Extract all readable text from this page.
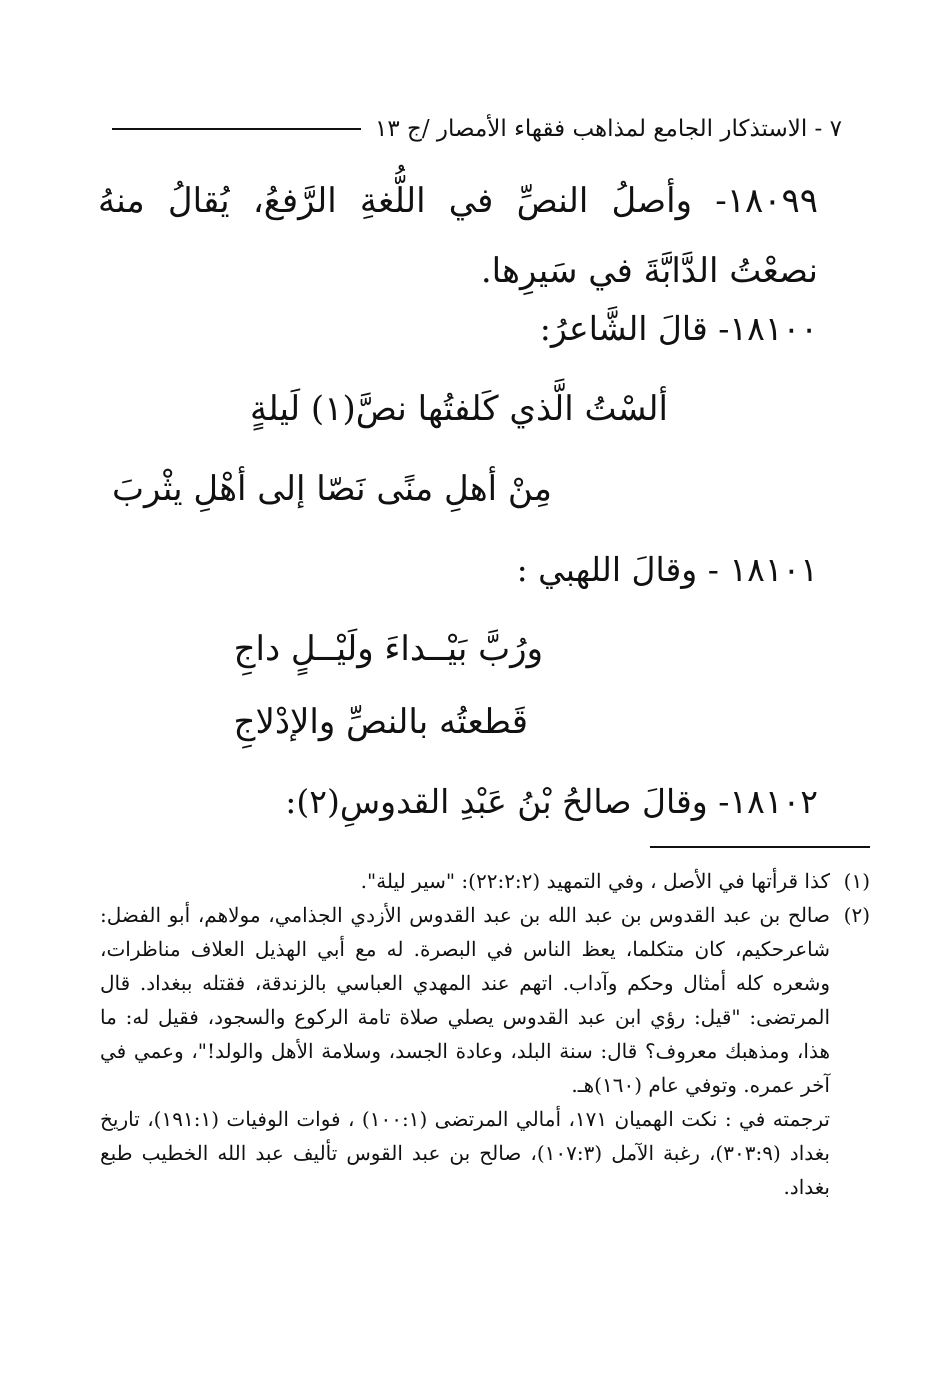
٧ - الاستذكار الجامع لمذاهب فقهاء الأمصار /ج ١٣
١٨٠٩٩- وأصلُ النصِّ في اللُّغةِ الرَّفعُ، يُقالُ منهُ نصعْتُ الدَّابَّةَ في سَيرِها.
١٨١٠٠- قالَ الشَّاعرُ:
ألسْتُ الَّذي كَلفتُها نصَّ(١) لَيلةٍ
مِنْ أهلِ منًى نَصّا إلى أهْلِ يثْربَ
١٨١٠١ - وقالَ اللهبي :
ورُبَّ بَيْــداءَ ولَيْــلٍ داجِ
قَطعتُه بالنصِّ والإدْلاجِ
١٨١٠٢- وقالَ صالحُ بْنُ عَبْدِ القدوسِ(٢):
(١)
كذا قرأتها في الأصل ، وفي التمهيد (٢٢:٢:٢): "سير ليلة".
(٢)
صالح بن عبد القدوس بن عبد الله بن عبد القدوس الأزدي الجذامي، مولاهم، أبو الفضل: شاعرحكيم، كان متكلما، يعظ الناس في البصرة. له مع أبي الهذيل العلاف مناظرات، وشعره كله أمثال وحكم وآداب. اتهم عند المهدي العباسي بالزندقة، فقتله ببغداد. قال المرتضى: "قيل: رؤي ابن عبد القدوس يصلي صلاة تامة الركوع والسجود، فقيل له: ما هذا، ومذهبك معروف؟ قال: سنة البلد، وعادة الجسد، وسلامة الأهل والولد!"، وعمي في آخر عمره. وتوفي عام (١٦٠)هـ.
ترجمته في : نكت الهميان ١٧١، أمالي المرتضى (١٠٠:١) ، فوات الوفيات (١٩١:١)، تاريخ بغداد (٣٠٣:٩)، رغبة الآمل (١٠٧:٣)، صالح بن عبد القوس تأليف عبد الله الخطيب طبع بغداد.
